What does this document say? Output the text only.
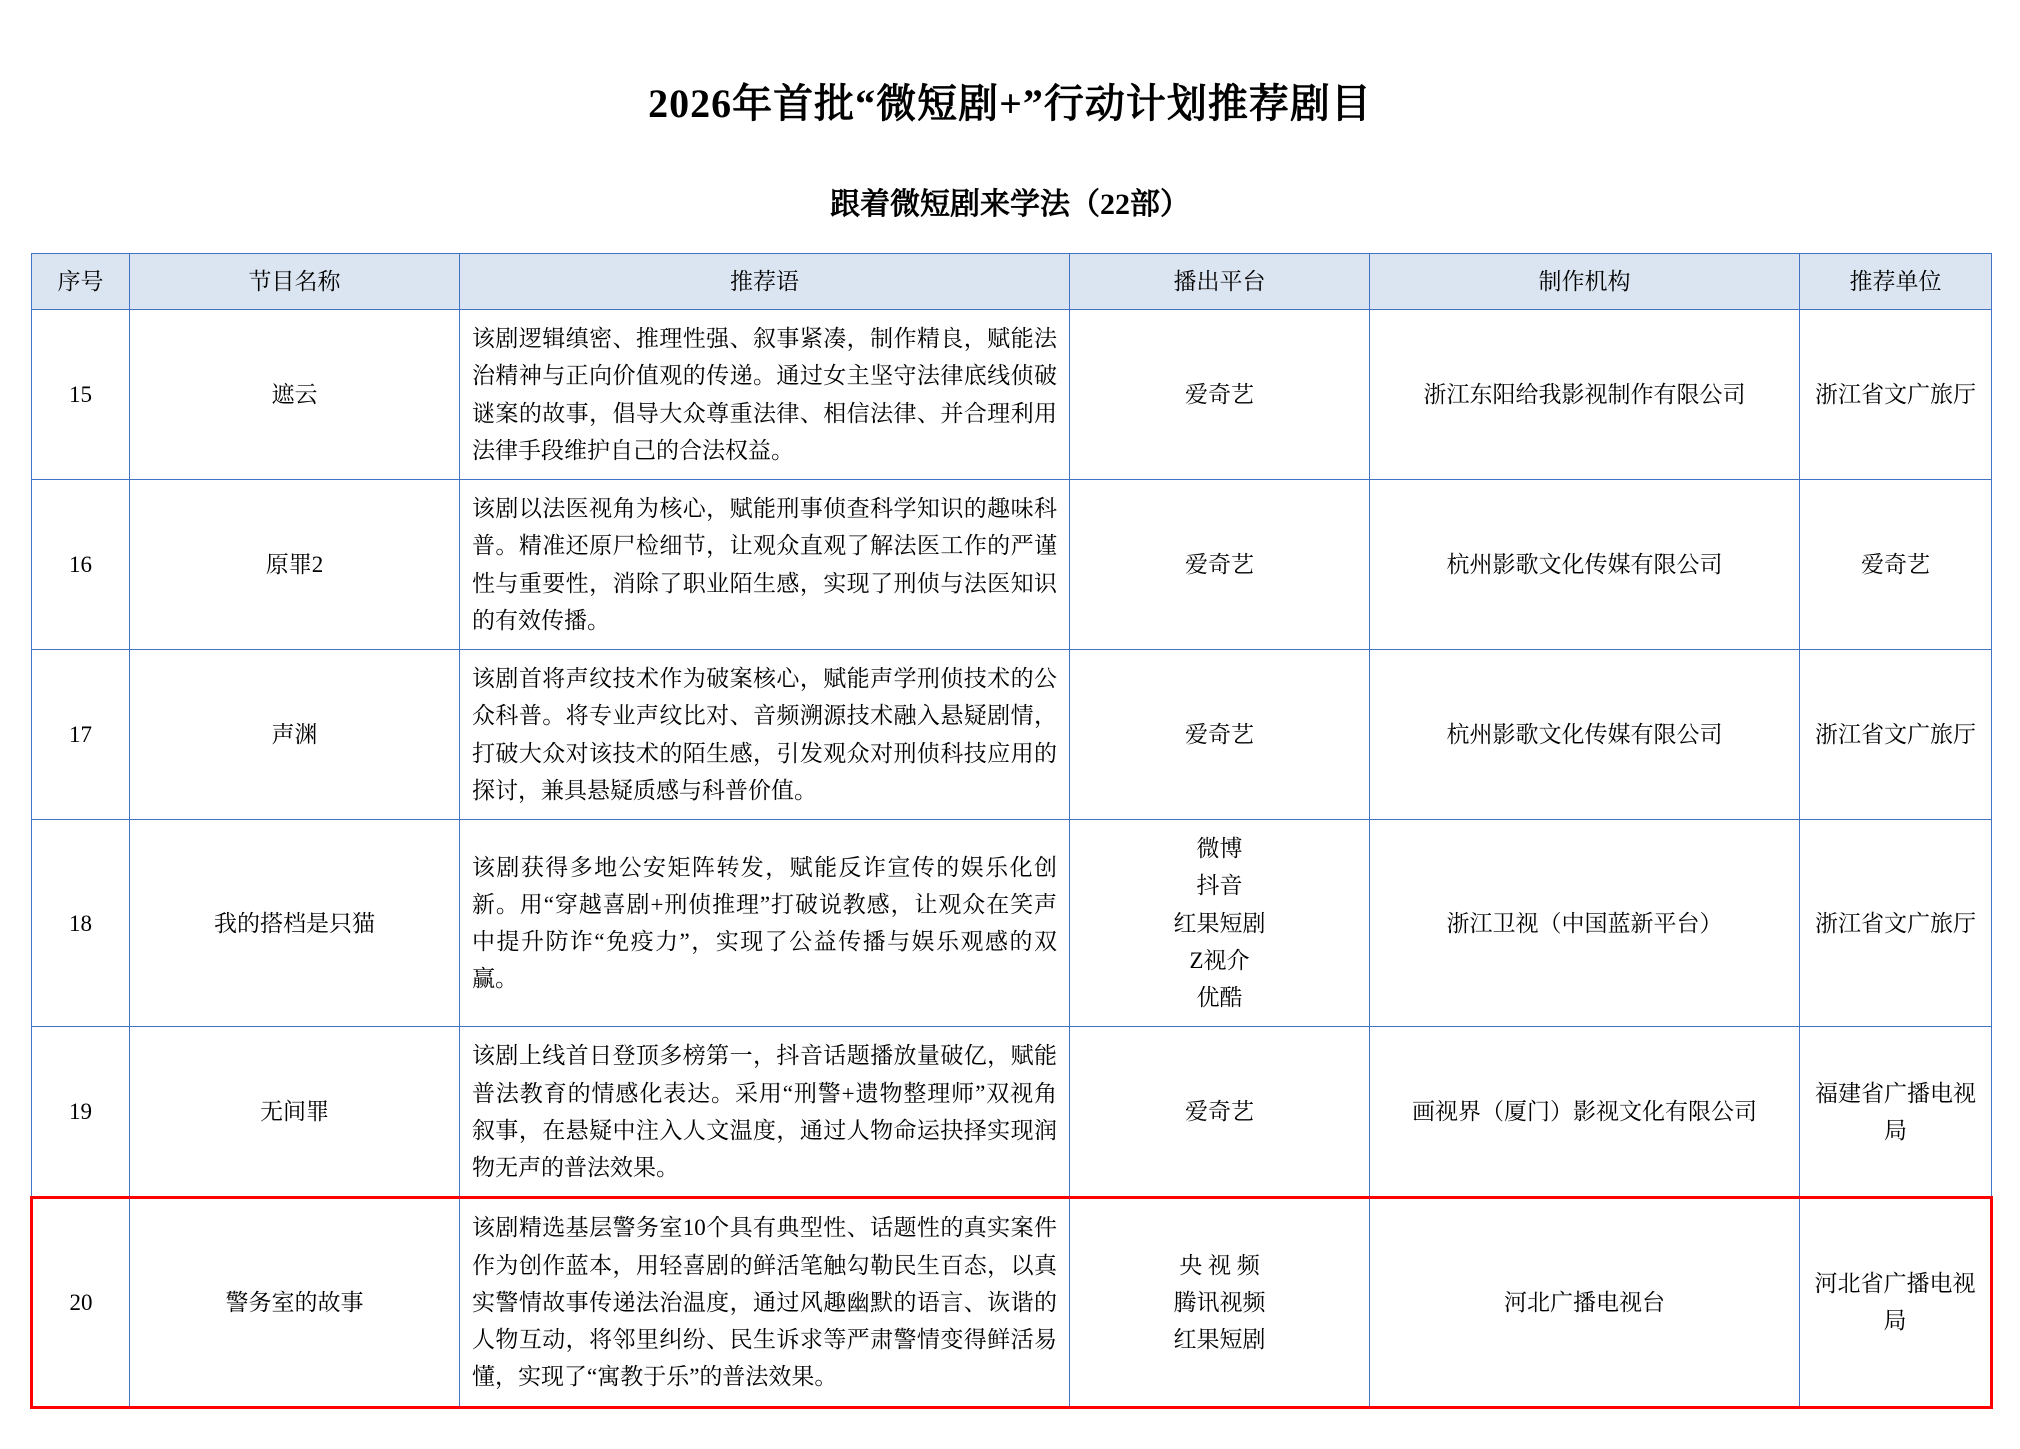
2026年首批“微短剧+”行动计划推荐剧目
跟着微短剧来学法（22部）
序号	节目名称	推荐语	播出平台	制作机构	推荐单位
15	遮云	该剧逻辑缜密、推理性强、叙事紧凑，制作精良，赋能法治精神与正向价值观的传递。通过女主坚守法律底线侦破谜案的故事，倡导大众尊重法律、相信法律、并合理利用法律手段维护自己的合法权益。	爱奇艺	浙江东阳给我影视制作有限公司	浙江省文广旅厅
16	原罪2	该剧以法医视角为核心，赋能刑事侦查科学知识的趣味科普。精准还原尸检细节，让观众直观了解法医工作的严谨性与重要性，消除了职业陌生感，实现了刑侦与法医知识的有效传播。	爱奇艺	杭州影歌文化传媒有限公司	爱奇艺
17	声渊	该剧首将声纹技术作为破案核心，赋能声学刑侦技术的公众科普。将专业声纹比对、音频溯源技术融入悬疑剧情，打破大众对该技术的陌生感，引发观众对刑侦科技应用的探讨，兼具悬疑质感与科普价值。	爱奇艺	杭州影歌文化传媒有限公司	浙江省文广旅厅
18	我的搭档是只猫	该剧获得多地公安矩阵转发，赋能反诈宣传的娱乐化创新。用“穿越喜剧+刑侦推理”打破说教感，让观众在笑声中提升防诈“免疫力”，实现了公益传播与娱乐观感的双赢。	微博
抖音
红果短剧
Z视介
优酷	浙江卫视（中国蓝新平台）	浙江省文广旅厅
19	无间罪	该剧上线首日登顶多榜第一，抖音话题播放量破亿，赋能普法教育的情感化表达。采用“刑警+遗物整理师”双视角叙事，在悬疑中注入人文温度，通过人物命运抉择实现润物无声的普法效果。	爱奇艺	画视界（厦门）影视文化有限公司	福建省广播电视局
20	警务室的故事	该剧精选基层警务室10个具有典型性、话题性的真实案件作为创作蓝本，用轻喜剧的鲜活笔触勾勒民生百态，以真实警情故事传递法治温度，通过风趣幽默的语言、诙谐的人物互动，将邻里纠纷、民生诉求等严肃警情变得鲜活易懂，实现了“寓教于乐”的普法效果。	央 视 频
腾讯视频
红果短剧	河北广播电视台	河北省广播电视局
